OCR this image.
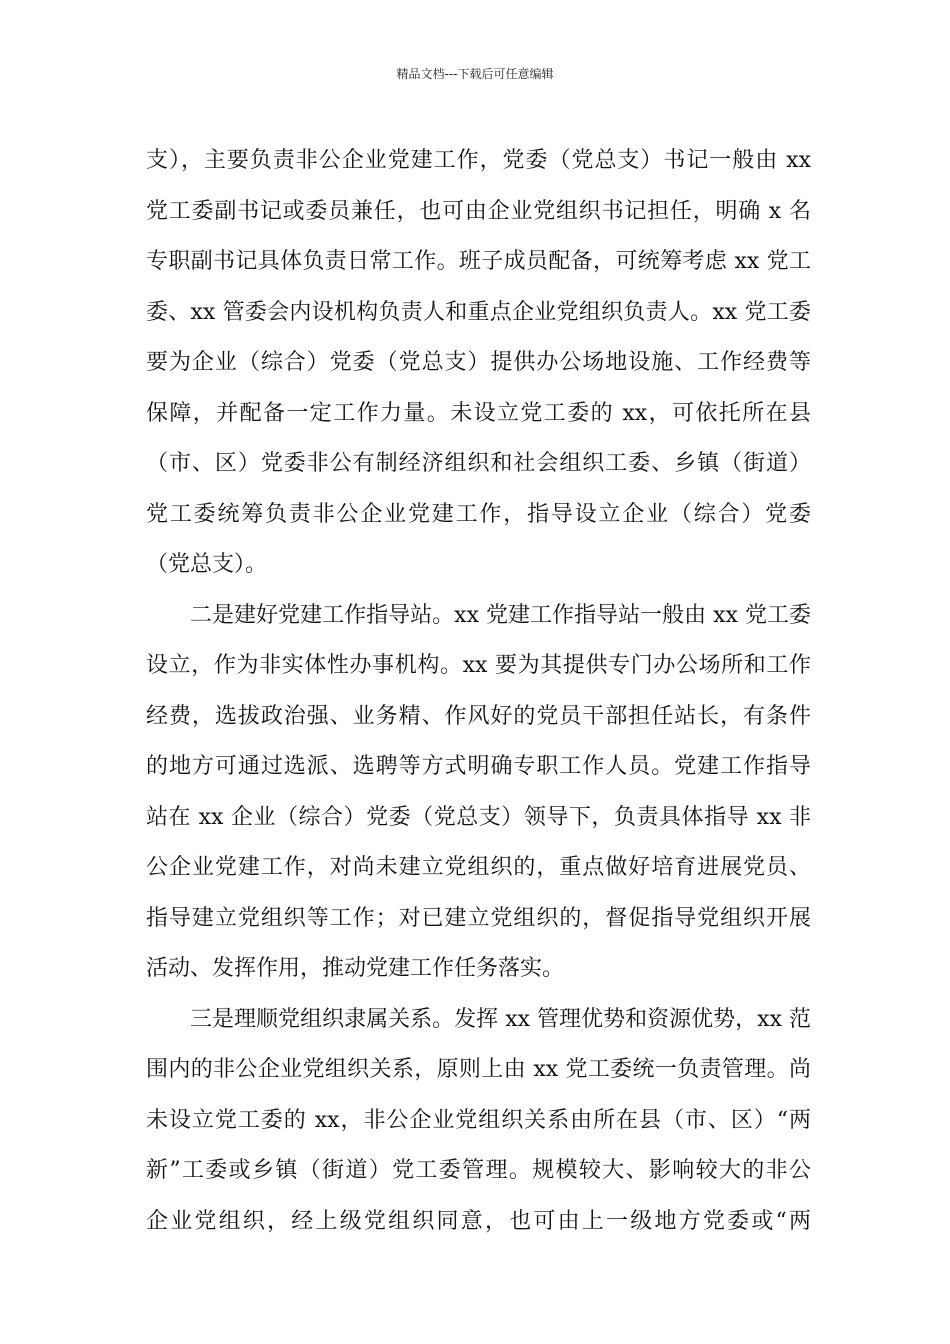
精品文档---下载后可任意编辑
支），主要负责非公企业党建工作，党委（党总支）书记一般由 xx
党工委副书记或委员兼任，也可由企业党组织书记担任，明确 x 名
专职副书记具体负责日常工作。班子成员配备，可统筹考虑 xx 党工
委、xx 管委会内设机构负责人和重点企业党组织负责人。xx 党工委
要为企业（综合）党委（党总支）提供办公场地设施、工作经费等
保障，并配备一定工作力量。未设立党工委的 xx，可依托所在县
（市、区）党委非公有制经济组织和社会组织工委、乡镇（街道）
党工委统筹负责非公企业党建工作，指导设立企业（综合）党委
（党总支）。
二是建好党建工作指导站。xx 党建工作指导站一般由 xx 党工委
设立，作为非实体性办事机构。xx 要为其提供专门办公场所和工作
经费，选拔政治强、业务精、作风好的党员干部担任站长，有条件
的地方可通过选派、选聘等方式明确专职工作人员。党建工作指导
站在 xx 企业（综合）党委（党总支）领导下，负责具体指导 xx 非
公企业党建工作，对尚未建立党组织的，重点做好培育进展党员、
指导建立党组织等工作；对已建立党组织的，督促指导党组织开展
活动、发挥作用，推动党建工作任务落实。
三是理顺党组织隶属关系。发挥 xx 管理优势和资源优势，xx 范
围内的非公企业党组织关系，原则上由 xx 党工委统一负责管理。尚
未设立党工委的 xx，非公企业党组织关系由所在县（市、区）“两
新”工委或乡镇（街道）党工委管理。规模较大、影响较大的非公
企业党组织，经上级党组织同意，也可由上一级地方党委或“两
